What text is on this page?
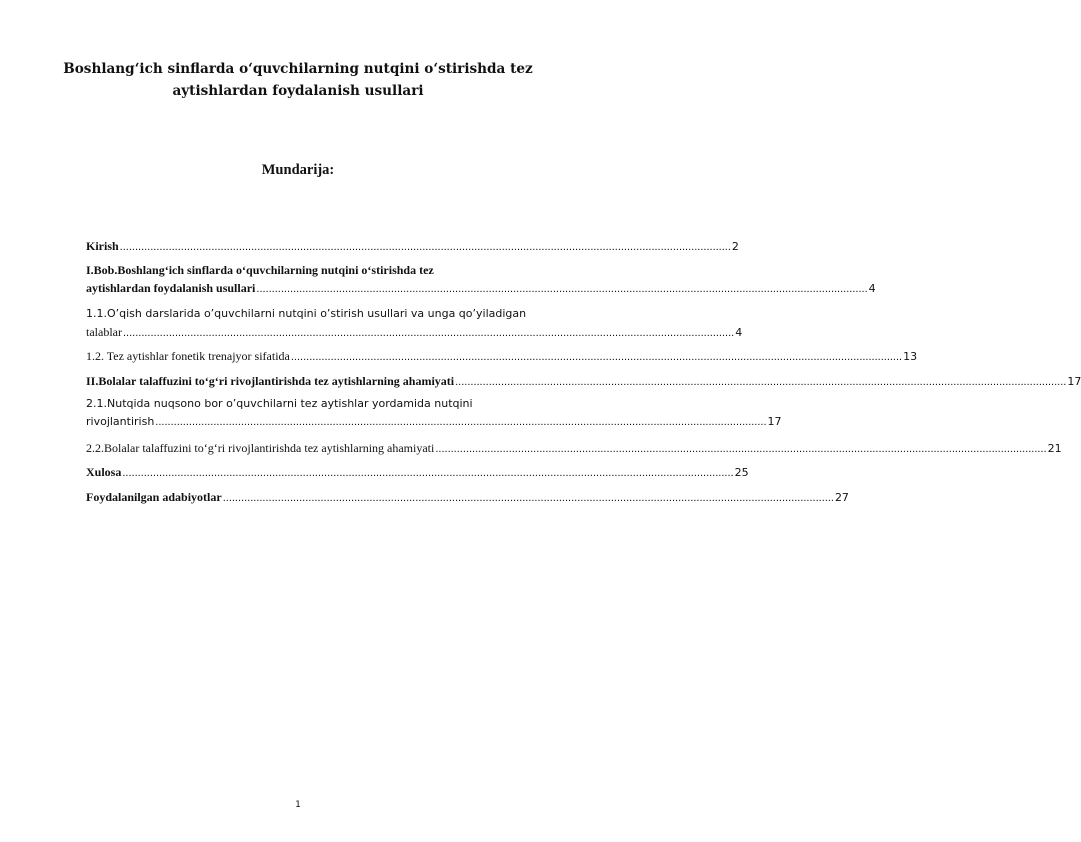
Boshlang‘ich sinflarda o‘quvchilarning nutqini o‘stirishda tez
aytishlardan foydalanish usullari
Mundarija:
Kirish ........................................................................................................................................................................................................ 2
I.Bob.Boshlang‘ich sinflarda o‘quvchilarning nutqini o‘stirishda tez
aytishlardan foydalanish usullari ........................................................................................................................................................................................................ 4
1.1.O’qish darslarida o’quvchilarni nutqini o’stirish usullari va unga qo’yiladigan
talablar ........................................................................................................................................................................................................ 4
1.2. Tez aytishlar fonetik trenajyor sifatida ........................................................................................................................................................................................................ 13
II.Bolalar talaffuzini to‘g‘ri rivojlantirishda tez aytishlarning ahamiyati ........................................................................................................................................................................................................ 17
2.1.Nutqida nuqsono bor o’quvchilarni tez aytishlar yordamida nutqini
rivojlantirish ........................................................................................................................................................................................................ 17
2.2.Bolalar talaffuzini to‘g‘ri rivojlantirishda tez aytishlarning ahamiyati ........................................................................................................................................................................................................ 21
Xulosa ........................................................................................................................................................................................................ 25
Foydalanilgan adabiyotlar ........................................................................................................................................................................................................ 27
1
